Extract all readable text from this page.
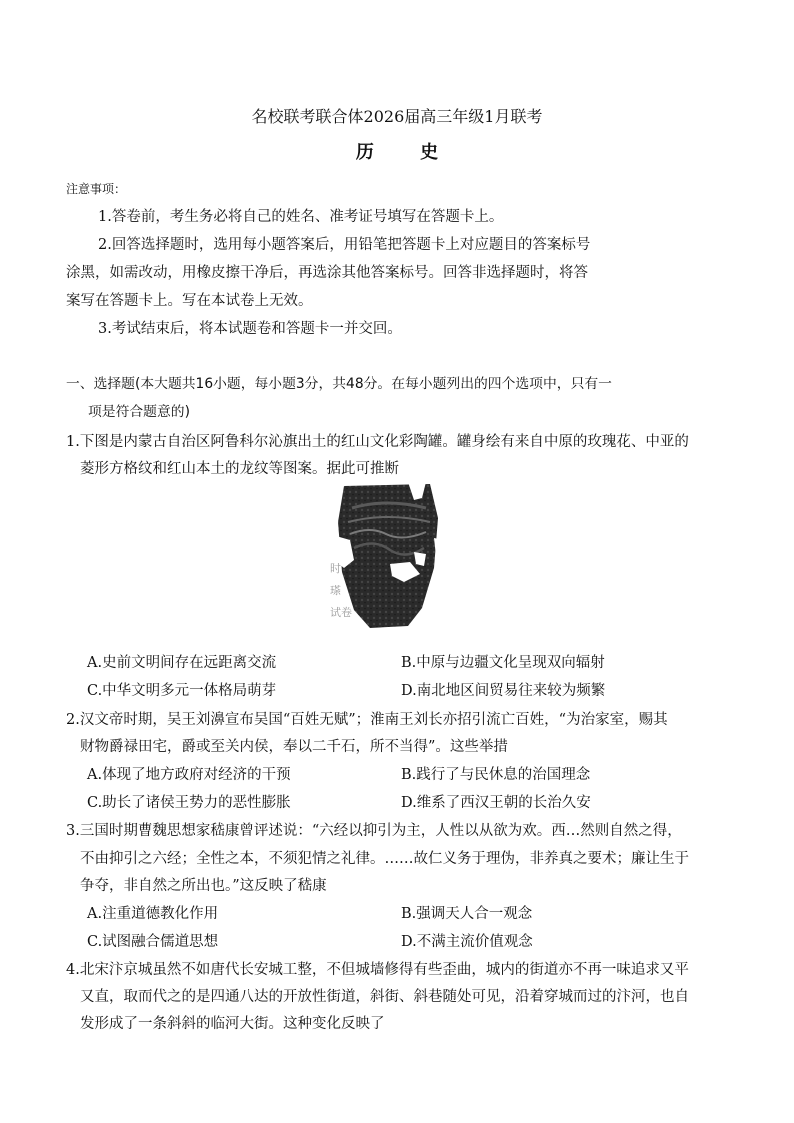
名校联考联合体2026届高三年级1月联考
历 史
注意事项：
1.答卷前，考生务必将自己的姓名、准考证号填写在答题卡上。
2.回答选择题时，选用每小题答案后，用铅笔把答题卡上对应题目的答案标号
涂黑，如需改动，用橡皮擦干净后，再选涂其他答案标号。回答非选择题时，将答
案写在答题卡上。写在本试卷上无效。
3.考试结束后，将本试题卷和答题卡一并交回。
一、选择题(本大题共16小题，每小题3分，共48分。在每小题列出的四个选项中，只有一
项是符合题意的)
1.下图是内蒙古自治区阿鲁科尔沁旗出土的红山文化彩陶罐。罐身绘有来自中原的玫瑰花、中亚的
菱形方格纹和红山本土的龙纹等图案。据此可推断
时
瑹
试卷
A.史前文明间存在远距离交流	B.中原与边疆文化呈现双向辐射
C.中华文明多元一体格局萌芽	D.南北地区间贸易往来较为频繁
2.汉文帝时期，吴王刘濞宣布吴国“百姓无赋”；淮南王刘长亦招引流亡百姓，“为治家室，赐其
财物爵禄田宅，爵或至关内侯，奉以二千石，所不当得”。这些举措
A.体现了地方政府对经济的干预	B.践行了与民休息的治国理念
C.助长了诸侯王势力的恶性膨胀	D.维系了西汉王朝的长治久安
3.三国时期曹魏思想家嵇康曾评述说：“六经以抑引为主，人性以从欲为欢。西…然则自然之得，
不由抑引之六经；全性之本，不须犯情之礼律。……故仁义务于理伪，非养真之要术；廉让生于
争夺，非自然之所出也。”这反映了嵇康
A.注重道德教化作用	B.强调天人合一观念
C.试图融合儒道思想	D.不满主流价值观念
4.北宋汴京城虽然不如唐代长安城工整，不但城墙修得有些歪曲，城内的街道亦不再一味追求又平
又直，取而代之的是四通八达的开放性街道，斜街、斜巷随处可见，沿着穿城而过的汴河，也自
发形成了一条斜斜的临河大街。这种变化反映了
